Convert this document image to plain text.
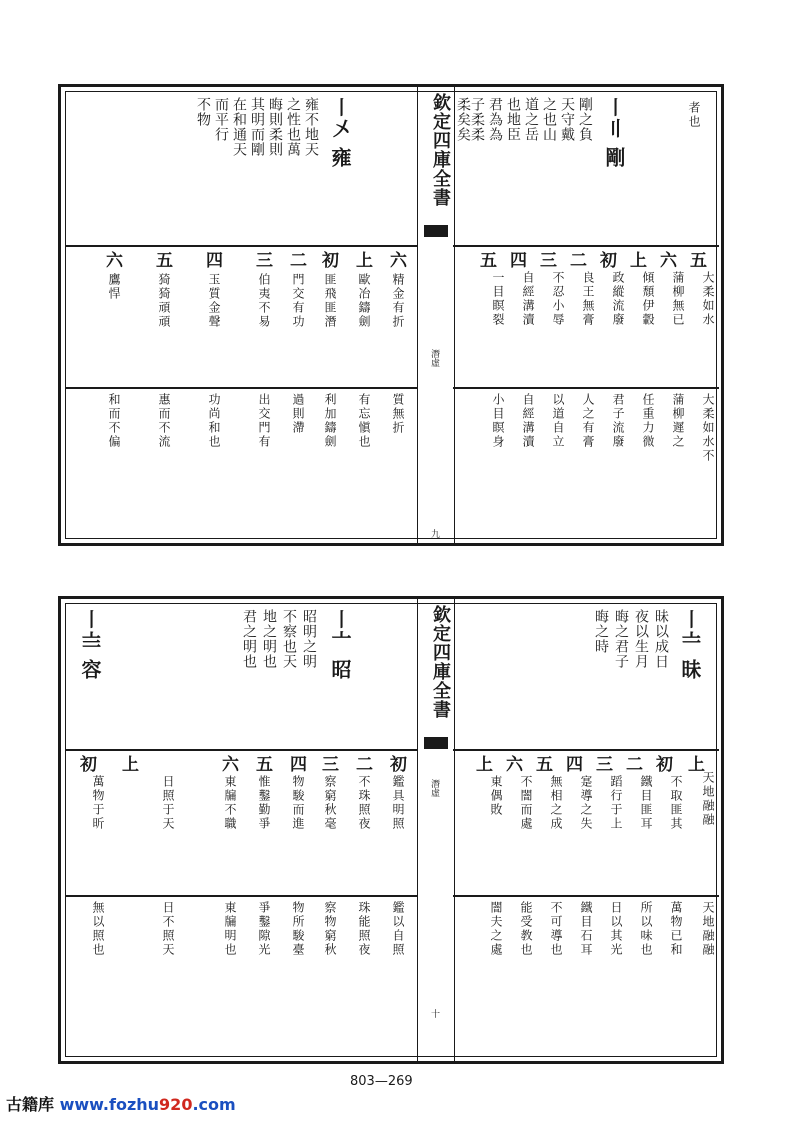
欽定四庫全書
潛虛
九
者也
〡〢 剛
剛之負
天守戴
之也山
道之岳
也地臣
君為為
子柔柔
柔矣矣
五
六
上
初
二
三
四
五
大柔如水
蒲柳無已
傾頹伊轂
政縱流廢
良王無膏
不忍小辱
自經溝瀆
一目瞑裂
大柔如水不
蒲柳遲之
任重力微
君子流廢
人之有膏
以道自立
自經溝瀆
小目瞑身
〡〤 雍
雍不地天
之性也萬
晦則柔則
其明而剛
在和通天
而平行
不物
六
上
初
二
三
四
五
六
精金有折
歐冶鑄劍
匪飛匪潛
門交有功
伯夷不易
玉質金聲
猗猗頑頑
鷹悍
質無折
有忘愼也
利加鑄劍
過則滯
出交門有
功尚和也
惠而不流
和而不偏
欽定四庫全書
潛虛
十
〡〧 昧
昧以成日
夜以生月
晦之君子
晦之時
上
初
二
三
四
五
六
上
天地融融
不取匪其
鐵目匪耳
蹈行于上
寔導之失
無相之成
不闇而處
東偶敗
天地融融
萬物已和
所以味也
日以其光
鐵目石耳
不可導也
能受教也
闇夫之處
〡〨 容	〡〦 昭
昭明之明
不察也天
地之明也
君之明也
初
二
三
四
五
六
上
初
鑑具明照
不珠照夜
察窮秋毫
物駿而進
惟鑿勤爭
東牖不職
日照于天
萬物于昕
鑑以自照
珠能照夜
察物窮秋
物所駿臺
爭鑿隙光
東牖明也
日不照天
無以照也
803—269
古籍库 www.fozhu920.com
